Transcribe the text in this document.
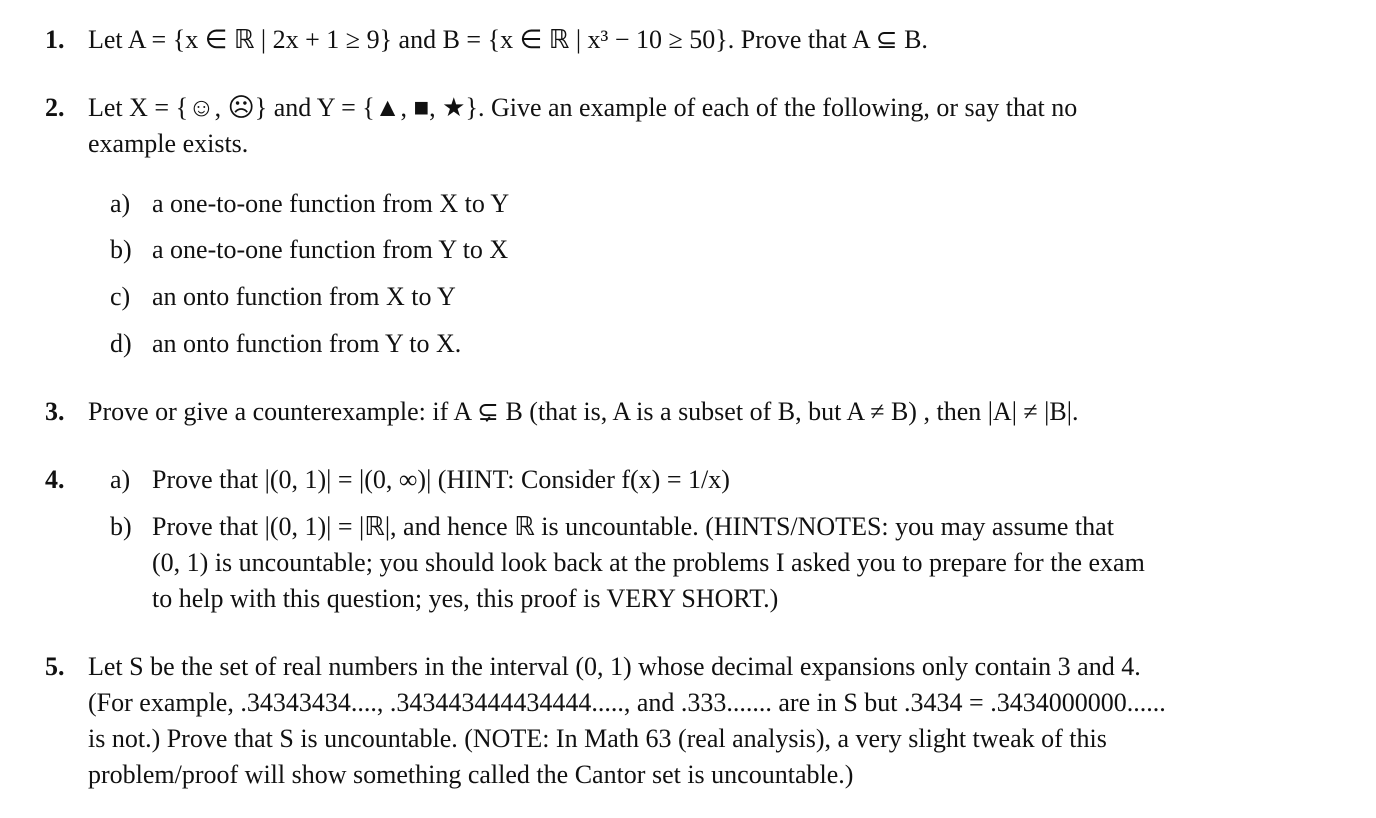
1. Let A = {x ∈ ℝ | 2x + 1 ≥ 9} and B = {x ∈ ℝ | x³ − 10 ≥ 50}. Prove that A ⊆ B.
2. Let X = {☺, ☹} and Y = {▲, ■, ★}. Give an example of each of the following, or say that no
example exists.
a) a one-to-one function from X to Y
b) a one-to-one function from Y to X
c) an onto function from X to Y
d) an onto function from Y to X.
3. Prove or give a counterexample: if A ⊊ B (that is, A is a subset of B, but A ≠ B) , then |A| ≠ |B|.
4. a) Prove that |(0, 1)| = |(0, ∞)| (HINT: Consider f(x) = 1/x)
b) Prove that |(0, 1)| = |ℝ|, and hence ℝ is uncountable. (HINTS/NOTES: you may assume that
(0, 1) is uncountable; you should look back at the problems I asked you to prepare for the exam
to help with this question; yes, this proof is VERY SHORT.)
5. Let S be the set of real numbers in the interval (0, 1) whose decimal expansions only contain 3 and 4.
(For example, .34343434...., .343443444434444....., and .333....... are in S but .3434 = .3434000000......
is not.) Prove that S is uncountable. (NOTE: In Math 63 (real analysis), a very slight tweak of this
problem/proof will show something called the Cantor set is uncountable.)
